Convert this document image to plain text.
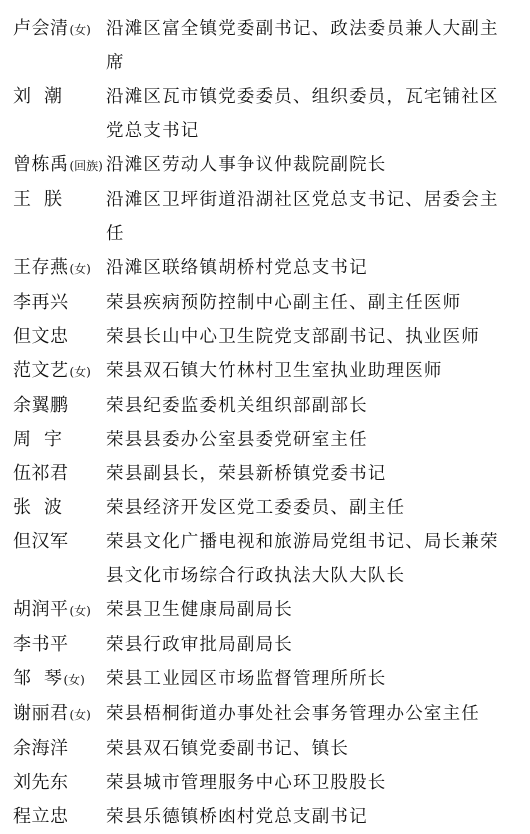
卢会清(女) 沿滩区富全镇党委副书记、政法委员兼人大副主席
刘  潮	沿滩区瓦市镇党委委员、组织委员，瓦宅铺社区党总支书记
曾栋禹(回族) 沿滩区劳动人事争议仲裁院副院长
王  朕	沿滩区卫坪街道沿湖社区党总支书记、居委会主任
王存燕(女) 沿滩区联络镇胡桥村党总支书记
李再兴	荣县疾病预防控制中心副主任、副主任医师
但文忠	荣县长山中心卫生院党支部副书记、执业医师
范文艺(女) 荣县双石镇大竹林村卫生室执业助理医师
余翼鹏	荣县纪委监委机关组织部副部长
周  宇	荣县县委办公室县委党研室主任
伍祁君	荣县副县长，荣县新桥镇党委书记
张  波	荣县经济开发区党工委委员、副主任
但汉军	荣县文化广播电视和旅游局党组书记、局长兼荣县文化市场综合行政执法大队大队长
胡润平(女) 荣县卫生健康局副局长
李书平	荣县行政审批局副局长
邹  琴(女)	荣县工业园区市场监督管理所所长
谢丽君(女) 荣县梧桐街道办事处社会事务管理办公室主任
余海洋	荣县双石镇党委副书记、镇长
刘先东	荣县城市管理服务中心环卫股股长
程立忠	荣县乐德镇桥凼村党总支副书记
